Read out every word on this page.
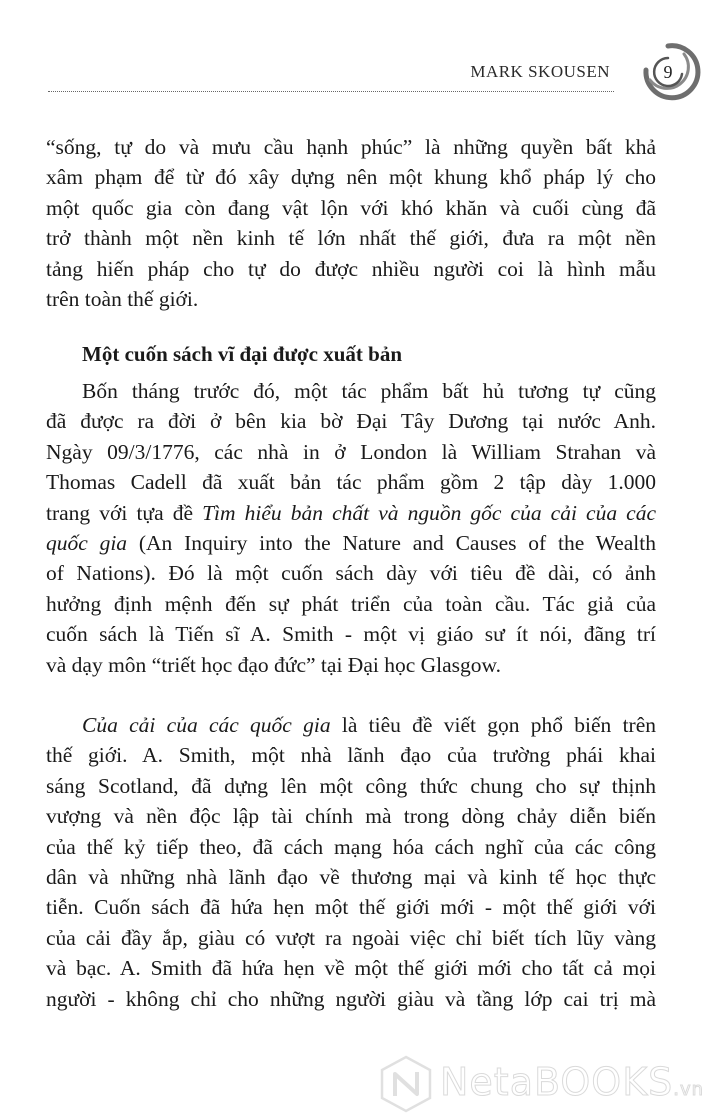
MARK SKOUSEN	9
“sống, tự do và mưu cầu hạnh phúc” là những quyền bất khả
xâm phạm để từ đó xây dựng nên một khung khổ pháp lý cho
một quốc gia còn đang vật lộn với khó khăn và cuối cùng đã
trở thành một nền kinh tế lớn nhất thế giới, đưa ra một nền
tảng hiến pháp cho tự do được nhiều người coi là hình mẫu
trên toàn thế giới.
Một cuốn sách vĩ đại được xuất bản
Bốn tháng trước đó, một tác phẩm bất hủ tương tự cũng
đã được ra đời ở bên kia bờ Đại Tây Dương tại nước Anh.
Ngày 09/3/1776, các nhà in ở London là William Strahan và
Thomas Cadell đã xuất bản tác phẩm gồm 2 tập dày 1.000
trang với tựa đề Tìm hiểu bản chất và nguồn gốc của cải của các
quốc gia (An Inquiry into the Nature and Causes of the Wealth
of Nations). Đó là một cuốn sách dày với tiêu đề dài, có ảnh
hưởng định mệnh đến sự phát triển của toàn cầu. Tác giả của
cuốn sách là Tiến sĩ A. Smith - một vị giáo sư ít nói, đãng trí
và dạy môn “triết học đạo đức” tại Đại học Glasgow.
Của cải của các quốc gia là tiêu đề viết gọn phổ biến trên
thế giới. A. Smith, một nhà lãnh đạo của trường phái khai
sáng Scotland, đã dựng lên một công thức chung cho sự thịnh
vượng và nền độc lập tài chính mà trong dòng chảy diễn biến
của thế kỷ tiếp theo, đã cách mạng hóa cách nghĩ của các công
dân và những nhà lãnh đạo về thương mại và kinh tế học thực
tiễn. Cuốn sách đã hứa hẹn một thế giới mới - một thế giới với
của cải đầy ắp, giàu có vượt ra ngoài việc chỉ biết tích lũy vàng
và bạc. A. Smith đã hứa hẹn về một thế giới mới cho tất cả mọi
người - không chỉ cho những người giàu và tầng lớp cai trị mà
NetaBOOKS.vn
